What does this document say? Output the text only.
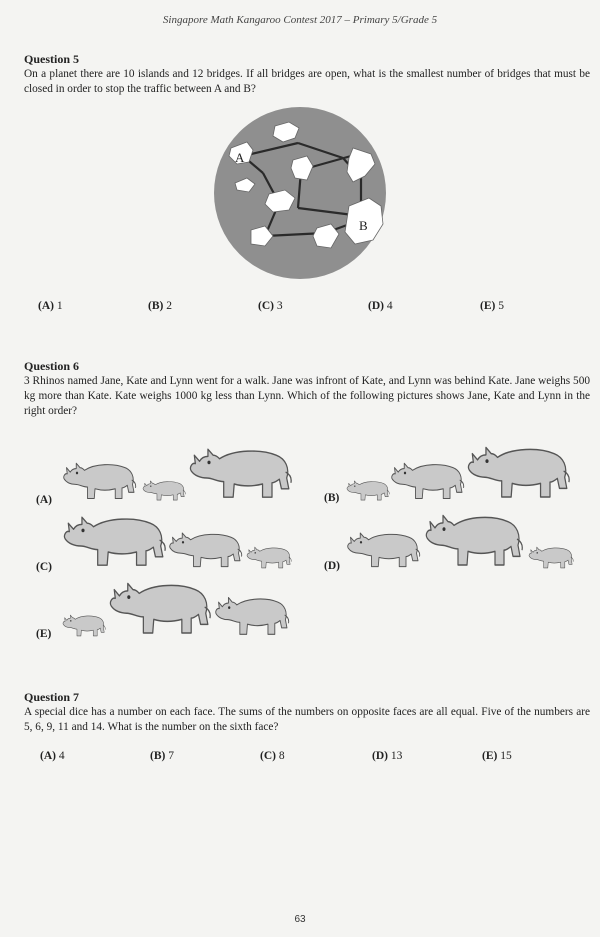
Singapore Math Kangaroo Contest 2017 – Primary 5/Grade 5
Question 5
On a planet there are 10 islands and 12 bridges. If all bridges are open, what is the smallest number of bridges that must be closed in order to stop the traffic between A and B?
A
B
(A) 1	(B) 2	(C) 3	(D) 4	(E) 5
Question 6
3 Rhinos named Jane, Kate and Lynn went for a walk. Jane was infront of Kate, and Lynn was behind Kate. Jane weighs 500 kg more than Kate. Kate weighs 1000 kg less than Lynn. Which of the following pictures shows Jane, Kate and Lynn in the right order?
(A)	(B)
(C)	(D)
(E)
Question 7
A special dice has a number on each face. The sums of the numbers on opposite faces are all equal. Five of the numbers are 5, 6, 9, 11 and 14. What is the number on the sixth face?
(A) 4	(B) 7	(C) 8	(D) 13	(E) 15
63
